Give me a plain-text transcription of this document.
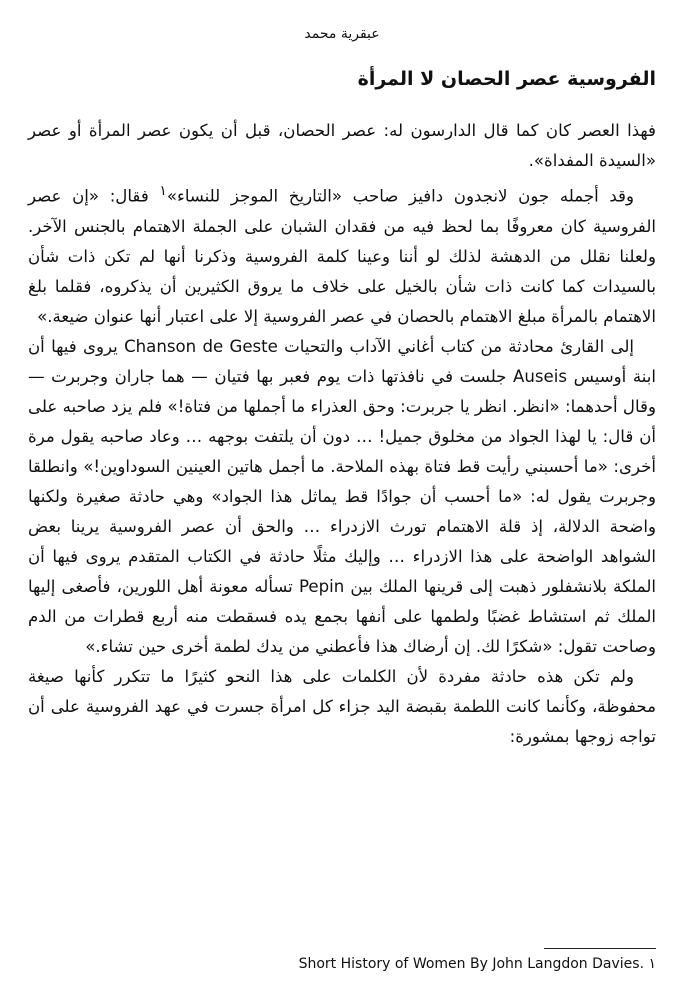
عبقرية محمد
الفروسية عصر الحصان لا المرأة

فهذا العصر كان كما قال الدارسون له: عصر الحصان، قبل أن يكون عصر المرأة أو عصر «السيدة المفداة».

وقد أجمله جون لانجدون دافيز صاحب «التاريخ الموجز للنساء»$^١$ فقال: «إن عصر الفروسية كان معروفًا بما لحظ فيه من فقدان الشبان على الجملة الاهتمام بالجنس الآخر. ولعلنا نقلل من الدهشة لذلك لو أننا وعينا كلمة الفروسية وذكرنا أنها لم تكن ذات شأن بالسيدات كما كانت ذات شأن بالخيل على خلاف ما يروق الكثيرين أن يذكروه، فقلما بلغ الاهتمام بالمرأة مبلغ الاهتمام بالحصان في عصر الفروسية إلا على اعتبار أنها عنوان ضيعة.»

إلى القارئ محادثة من كتاب أغاني الآداب والتحيات Chanson de Geste يروى فيها أن ابنة أوسيس Auseis جلست في نافذتها ذات يوم فعبر بها فتيان — هما جاران وجربرت — وقال أحدهما: «انظر. انظر يا جربرت: وحق العذراء ما أجملها من فتاة!» فلم يزد صاحبه على أن قال: يا لهذا الجواد من مخلوق جميل! … دون أن يلتفت بوجهه … وعاد صاحبه يقول مرة أخرى: «ما أحسبني رأيت قط فتاة بهذه الملاحة. ما أجمل هاتين العينين السوداوين!» وانطلقا وجربرت يقول له: «ما أحسب أن جوادًا قط يماثل هذا الجواد» وهي حادثة صغيرة ولكنها واضحة الدلالة، إذ قلة الاهتمام تورث الازدراء … والحق أن عصر الفروسية يرينا بعض الشواهد الواضحة على هذا الازدراء … وإليك مثلًا حادثة في الكتاب المتقدم يروى فيها أن الملكة بلانشفلور ذهبت إلى قرينها الملك بين Pepin تسأله معونة أهل اللورين، فأصغى إليها الملك ثم استشاط غضبًا ولطمها على أنفها بجمع يده فسقطت منه أربع قطرات من الدم وصاحت تقول: «شكرًا لك. إن أرضاك هذا فأعطني من يدك لطمة أخرى حين تشاء.»

ولم تكن هذه حادثة مفردة لأن الكلمات على هذا النحو كثيرًا ما تتكرر كأنها صيغة محفوظة، وكأنما كانت اللطمة بقبضة اليد جزاء كل امرأة جسرت في عهد الفروسية على أن تواجه زوجها بمشورة:

١ Short History of Women By John Langdon Davies.
